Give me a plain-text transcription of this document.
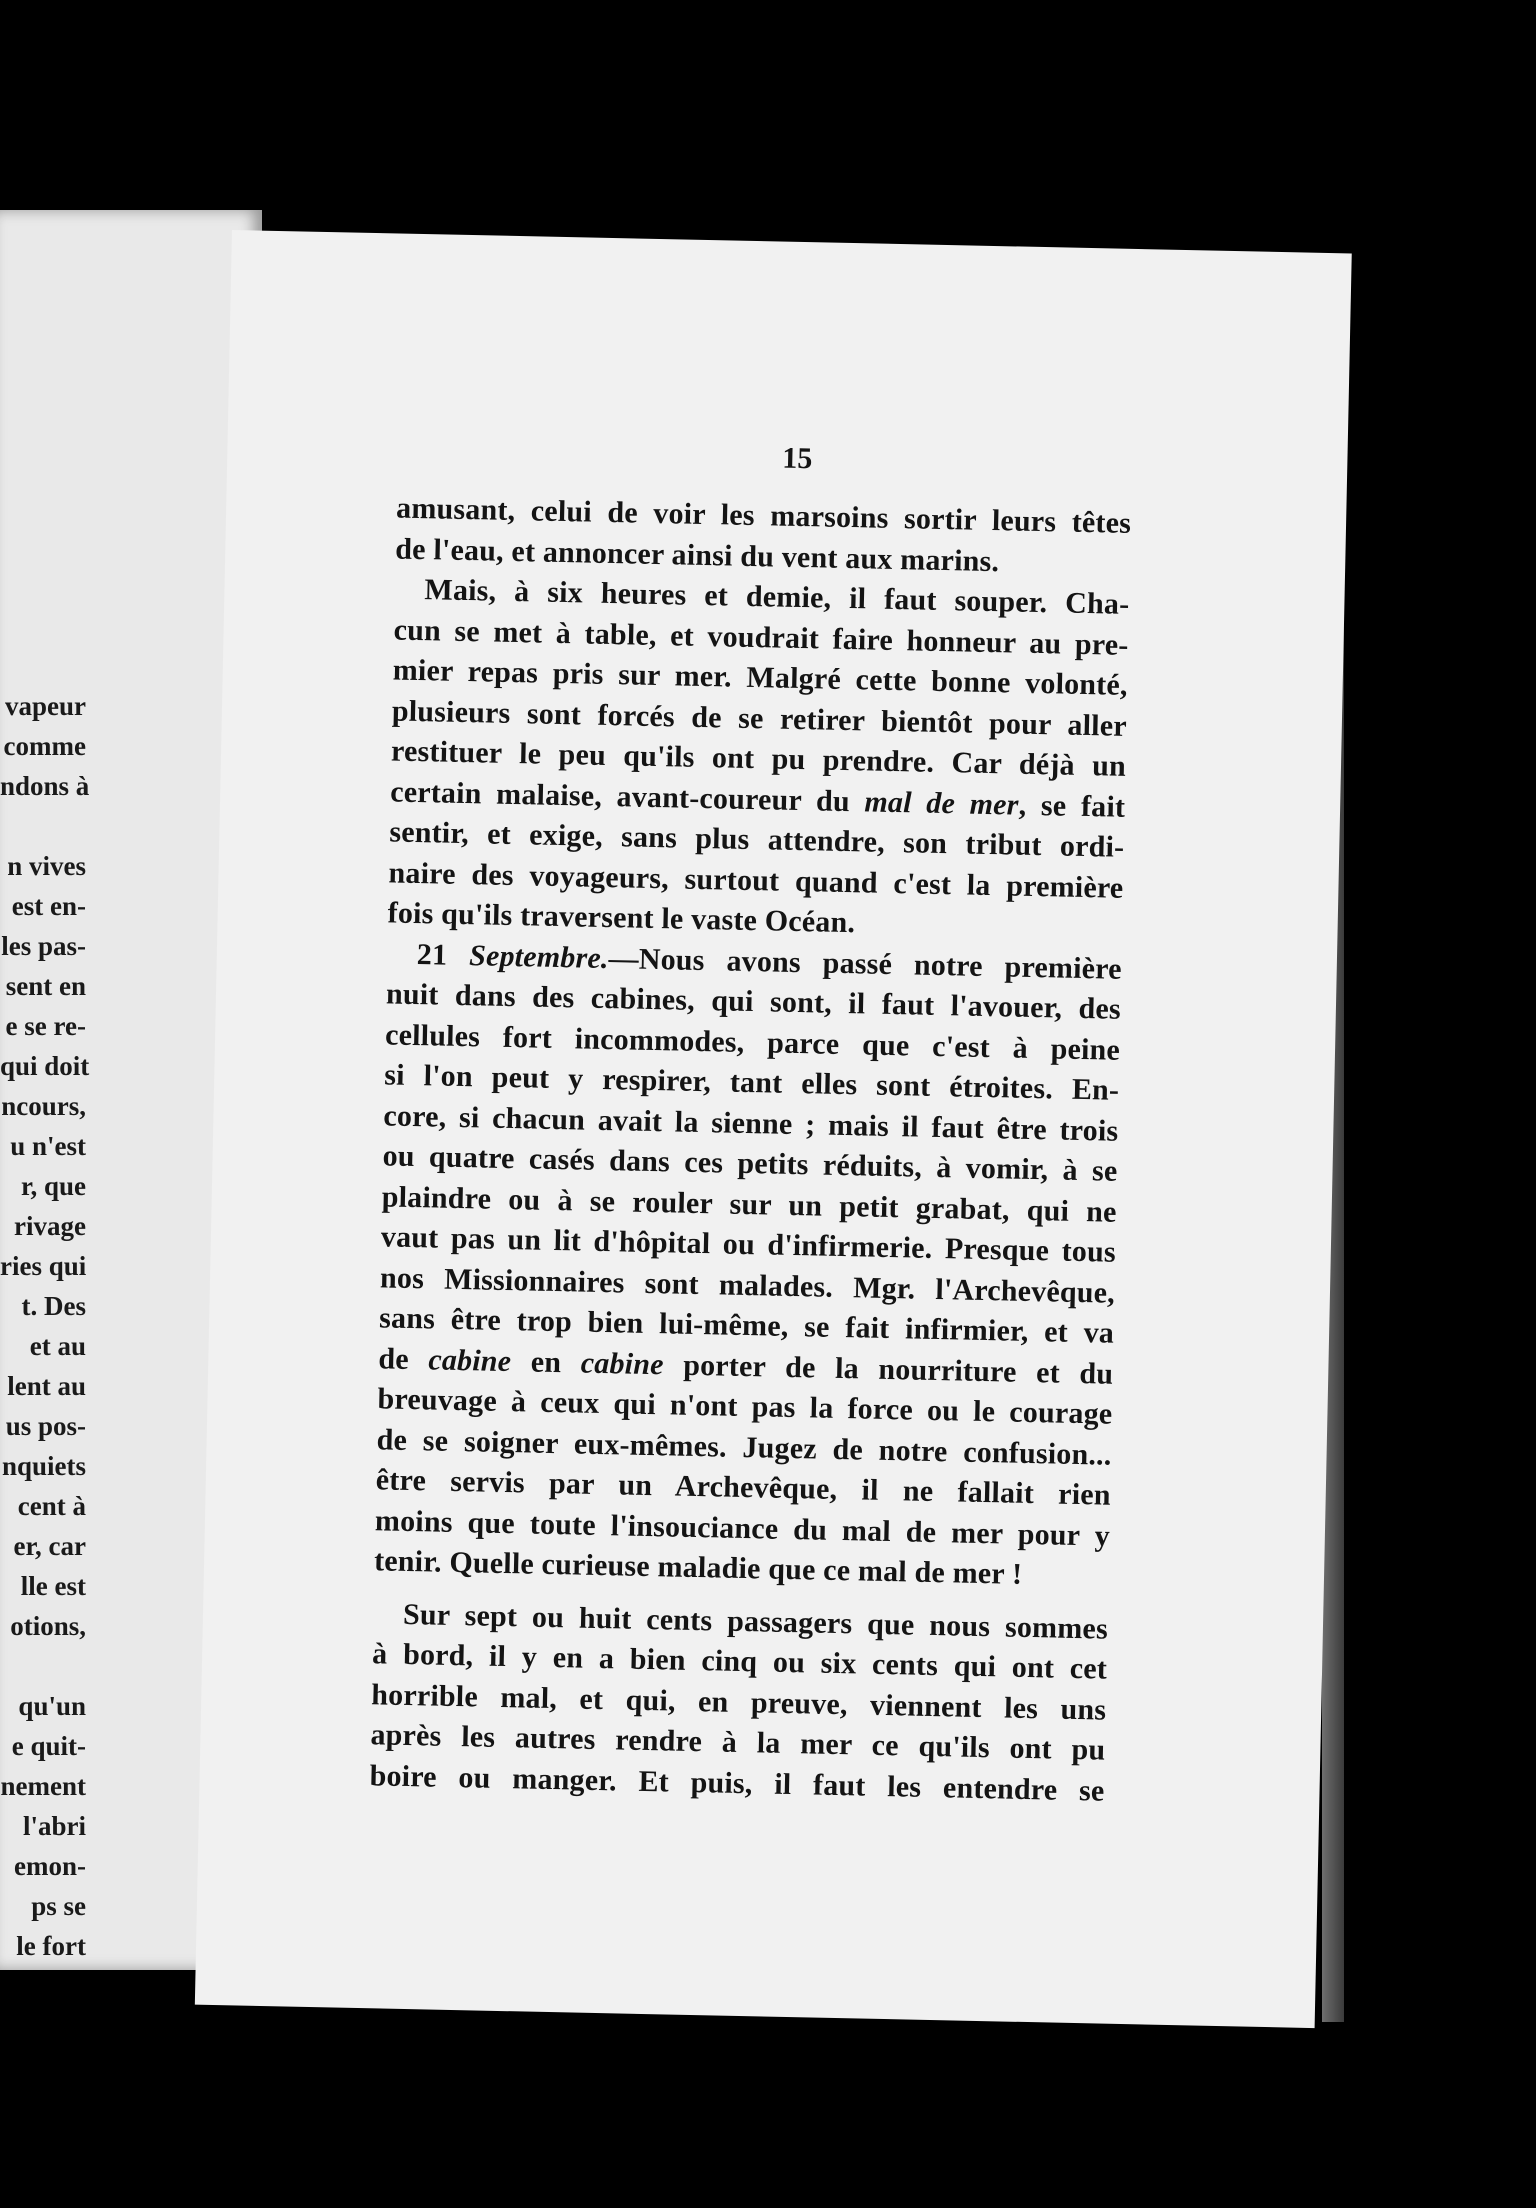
vapeur
comme
ndons à

n vives
est en-
les pas-
sent en
e se re-
qui doit
ncours,
u n'est
r, que
rivage
ries qui
t. Des
et au
lent au
us pos-
nquiets
cent à
er, car
lle est
otions,

qu'un
e quit-
nement
l'abri
emon-
ps se
le fort
15
amusant, celui de voir les marsoins sortir leurs têtes
de l'eau, et annoncer ainsi du vent aux marins.
Mais, à six heures et demie, il faut souper. Cha-
cun se met à table, et voudrait faire honneur au pre-
mier repas pris sur mer. Malgré cette bonne volonté,
plusieurs sont forcés de se retirer bientôt pour aller
restituer le peu qu'ils ont pu prendre. Car déjà un
certain malaise, avant-coureur du mal de mer, se fait
sentir, et exige, sans plus attendre, son tribut ordi-
naire des voyageurs, surtout quand c'est la première
fois qu'ils traversent le vaste Océan.
21 Septembre.—Nous avons passé notre première
nuit dans des cabines, qui sont, il faut l'avouer, des
cellules fort incommodes, parce que c'est à peine
si l'on peut y respirer, tant elles sont étroites. En-
core, si chacun avait la sienne ; mais il faut être trois
ou quatre casés dans ces petits réduits, à vomir, à se
plaindre ou à se rouler sur un petit grabat, qui ne
vaut pas un lit d'hôpital ou d'infirmerie. Presque tous
nos Missionnaires sont malades. Mgr. l'Archevêque,
sans être trop bien lui-même, se fait infirmier, et va
de cabine en cabine porter de la nourriture et du
breuvage à ceux qui n'ont pas la force ou le courage
de se soigner eux-mêmes. Jugez de notre confusion...
être servis par un Archevêque, il ne fallait rien
moins que toute l'insouciance du mal de mer pour y
tenir. Quelle curieuse maladie que ce mal de mer !
Sur sept ou huit cents passagers que nous sommes
à bord, il y en a bien cinq ou six cents qui ont cet
horrible mal, et qui, en preuve, viennent les uns
après les autres rendre à la mer ce qu'ils ont pu
boire ou manger. Et puis, il faut les entendre se
